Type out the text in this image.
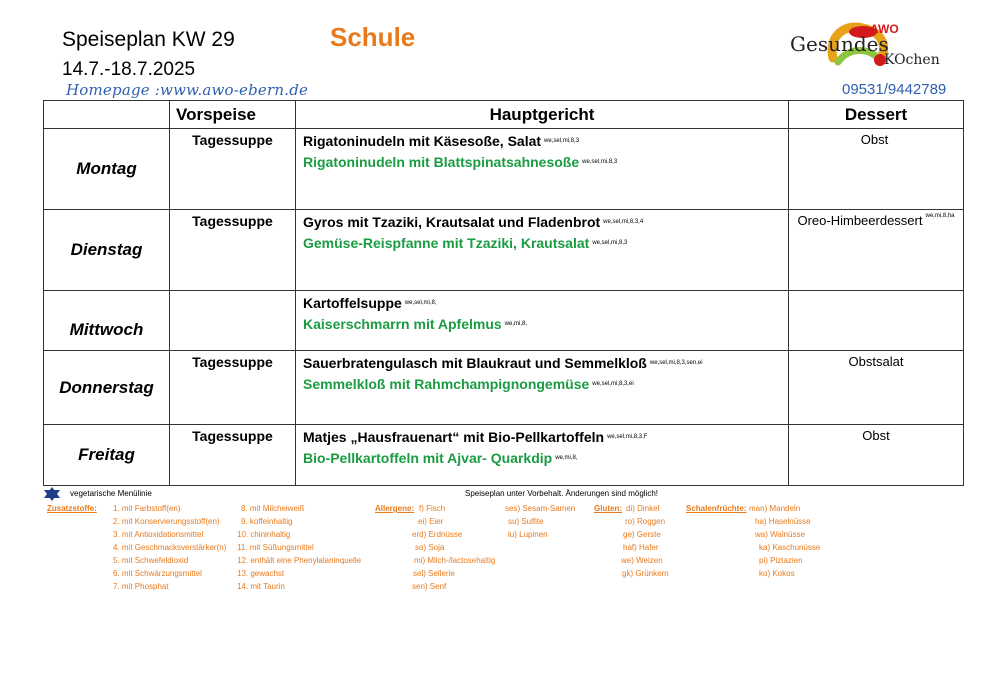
Speiseplan KW 29
14.7.-18.7.2025
Homepage :www.awo-ebern.de
Schule
09531/9442789
AWO
Gesundes
KOchen
	Vorspeise	Hauptgericht	Dessert
Montag	Tagessuppe	Rigatoninudeln mit Käsesoße, Salat $^{we,sel,mi,8,3}$
Rigatoninudeln mit Blattspinatsahnesoße $^{we,sel,mi,8,3}$	Obst
Dienstag	Tagessuppe	Gyros mit Tzaziki, Krautsalat und Fladenbrot $^{we,sel,mi,8,3,4}$
Gemüse-Reispfanne mit Tzaziki, Krautsalat $^{we,sel,mi,8,3}$	Oreo-Himbeerdessert $^{we,mi,8,ha}$
Mittwoch		Kartoffelsuppe $^{we,sel,mi,8,}$
Kaiserschmarrn mit Apfelmus $^{we,mi,8,}$

Donnerstag	Tagessuppe	Sauerbratengulasch mit Blaukraut und Semmelkloß $^{we,sel,mi,8,3,sen,ei}$
Semmelkloß mit Rahmchampignongemüse $^{we,sel,mi,8,3,ei}$	Obstsalat
Freitag	Tagessuppe	Matjes „Hausfrauenart“ mit Bio-Pellkartoffeln $^{we,sel,mi,8,3,F}$
Bio-Pellkartoffeln mit Ajvar- Quarkdip $^{we,mi,8,}$	Obst
vegetarische Menülinie	Speiseplan unter Vorbehalt. Änderungen sind möglich!
Zusatzstoffe: 1. mit Farbstoff(en)
2. mit Konservierungsstoff(en)
3. mit Antioxidationsmittel
4. mit Geschmacksverstärker(n)
5. mit Schwefeldioxid
6. mit Schwärzungsmittel
7. mit Phosphat
8. mit Milcheiweiß
9. koffeinhaltig
10. chininhaltig
11. mit Süßungsmittel
12. enthält eine Phenylalaninquelle
13. gewachst
14. mit Taurin
Allergene: f) Fisch
ei) Eier
erd) Erdnüsse
so) Soja
mi) Milch-/lactosehaltig
sel) Sellerie
sen) Senf
ses) Sesam-Samen
su) Sulfite
lu) Lupinen
Gluten: di) Dinkel
ro) Roggen
ge) Gerste
haf) Hafer
we) Weizen
gk) Grünkern
Schalenfrüchte: man) Mandeln
ha) Haselnüsse
wa) Walnüsse
ka) Kaschunüsse
pi) Piztazien
ko) Kokos
